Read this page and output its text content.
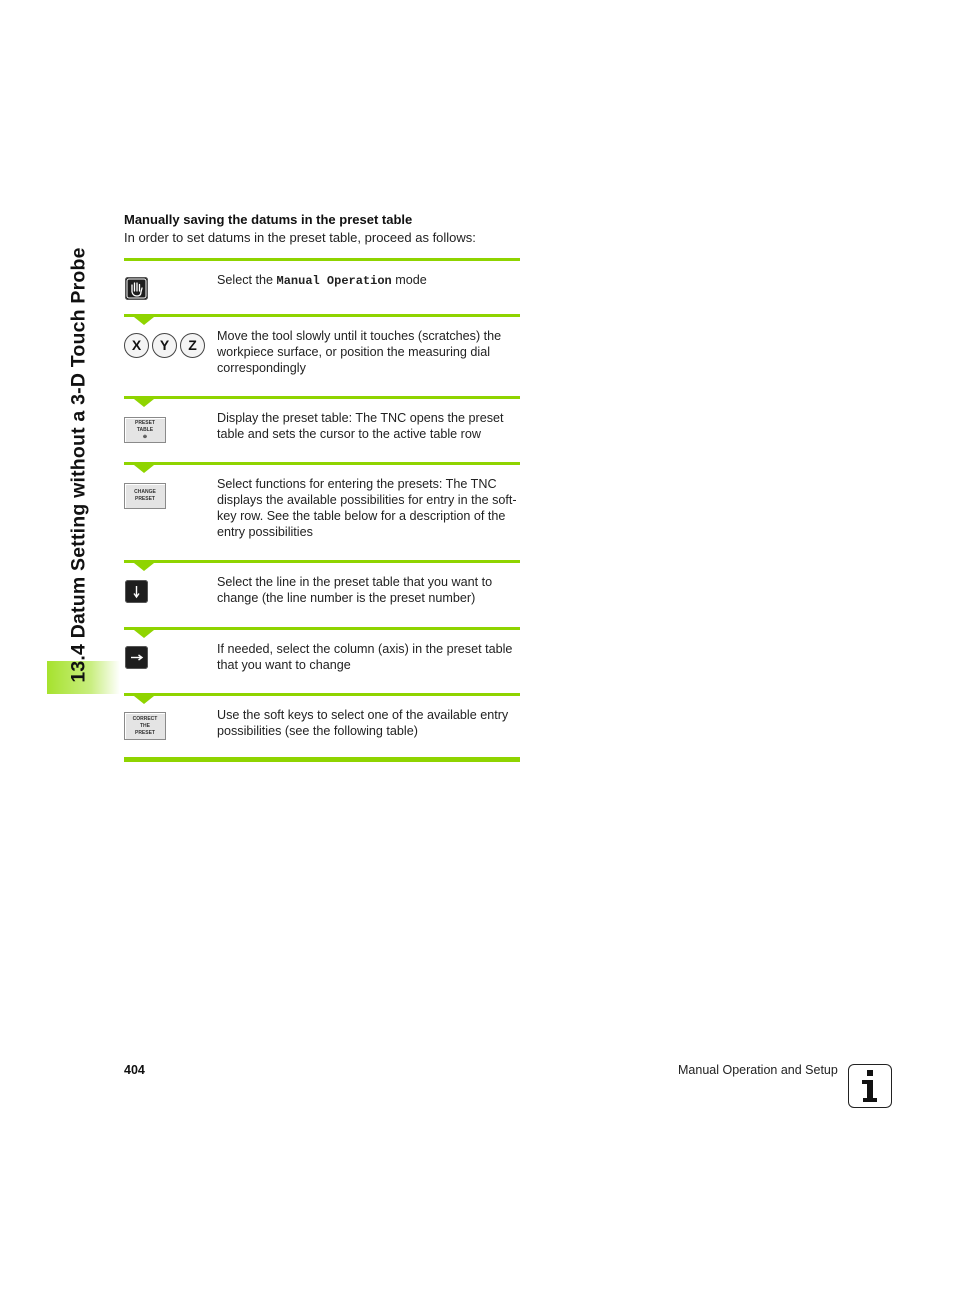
13.4 Datum Setting without a 3-D Touch Probe
Manually saving the datums in the preset table
In order to set datums in the preset table, proceed as follows:
Select the Manual Operation mode
X	Y	Z
Move the tool slowly until it touches (scratches) the workpiece surface, or position the measuring dial correspondingly
PRESET
TABLE
⊕
Display the preset table: The TNC opens the preset table and sets the cursor to the active table row
CHANGE
PRESET
Select functions for entering the presets: The TNC displays the available possibilities for entry in the soft-key row. See the table below for a description of the entry possibilities
Select the line in the preset table that you want to change (the line number is the preset number)
If needed, select the column (axis) in the preset table that you want to change
CORRECT
THE
PRESET
Use the soft keys to select one of the available entry possibilities (see the following table)
404	Manual Operation and Setup
